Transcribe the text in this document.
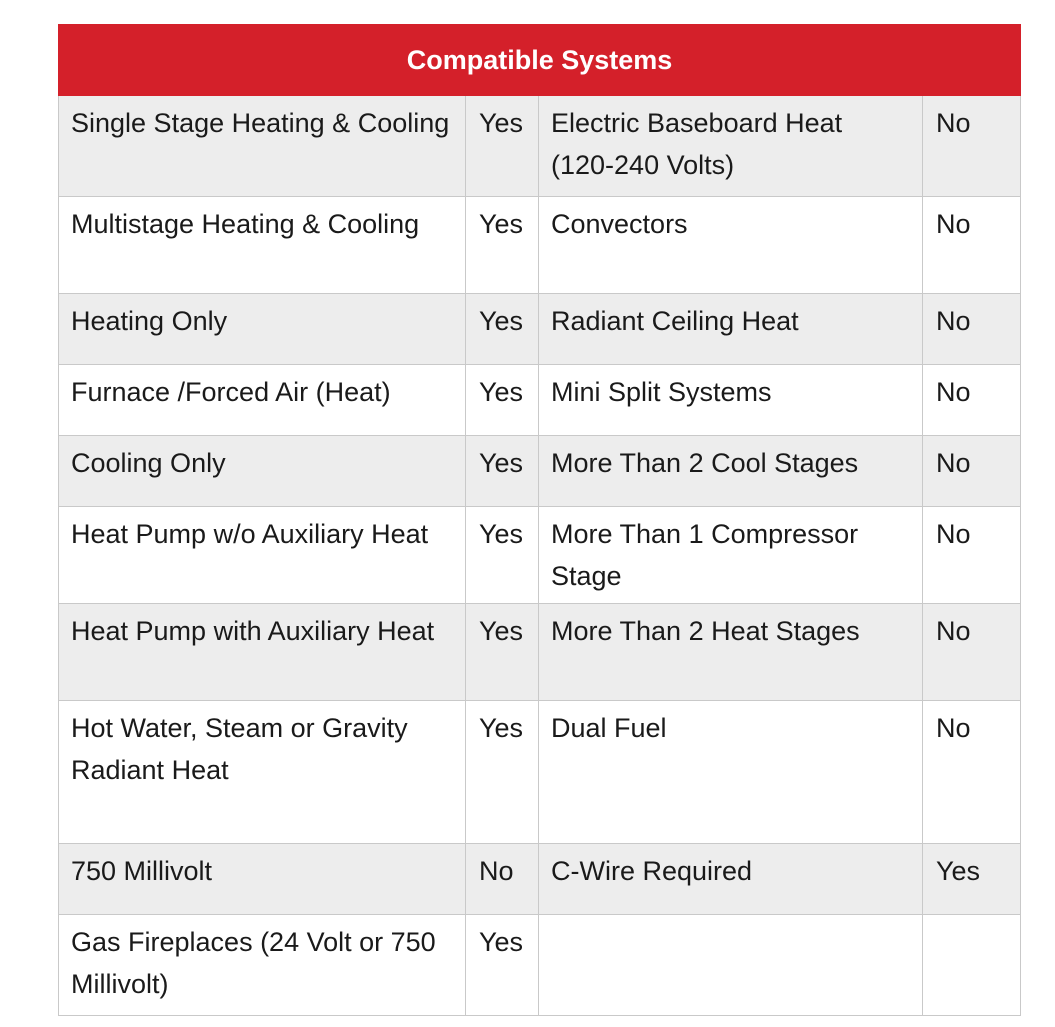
Compatible Systems			
Single Stage Heating & Cooling	Yes	Electric Baseboard Heat (120-240 Volts)	No
Multistage Heating & Cooling	Yes	Convectors	No
Heating Only	Yes	Radiant Ceiling Heat	No
Furnace /Forced Air (Heat)	Yes	Mini Split Systems	No
Cooling Only	Yes	More Than 2 Cool Stages	No
Heat Pump w/o Auxiliary Heat	Yes	More Than 1 Compressor Stage	No
Heat Pump with Auxiliary Heat	Yes	More Than 2 Heat Stages	No
Hot Water, Steam or Gravity Radiant Heat	Yes	Dual Fuel	No
750 Millivolt	No	C-Wire Required	Yes
Gas Fireplaces (24 Volt or 750 Millivolt)	Yes		
